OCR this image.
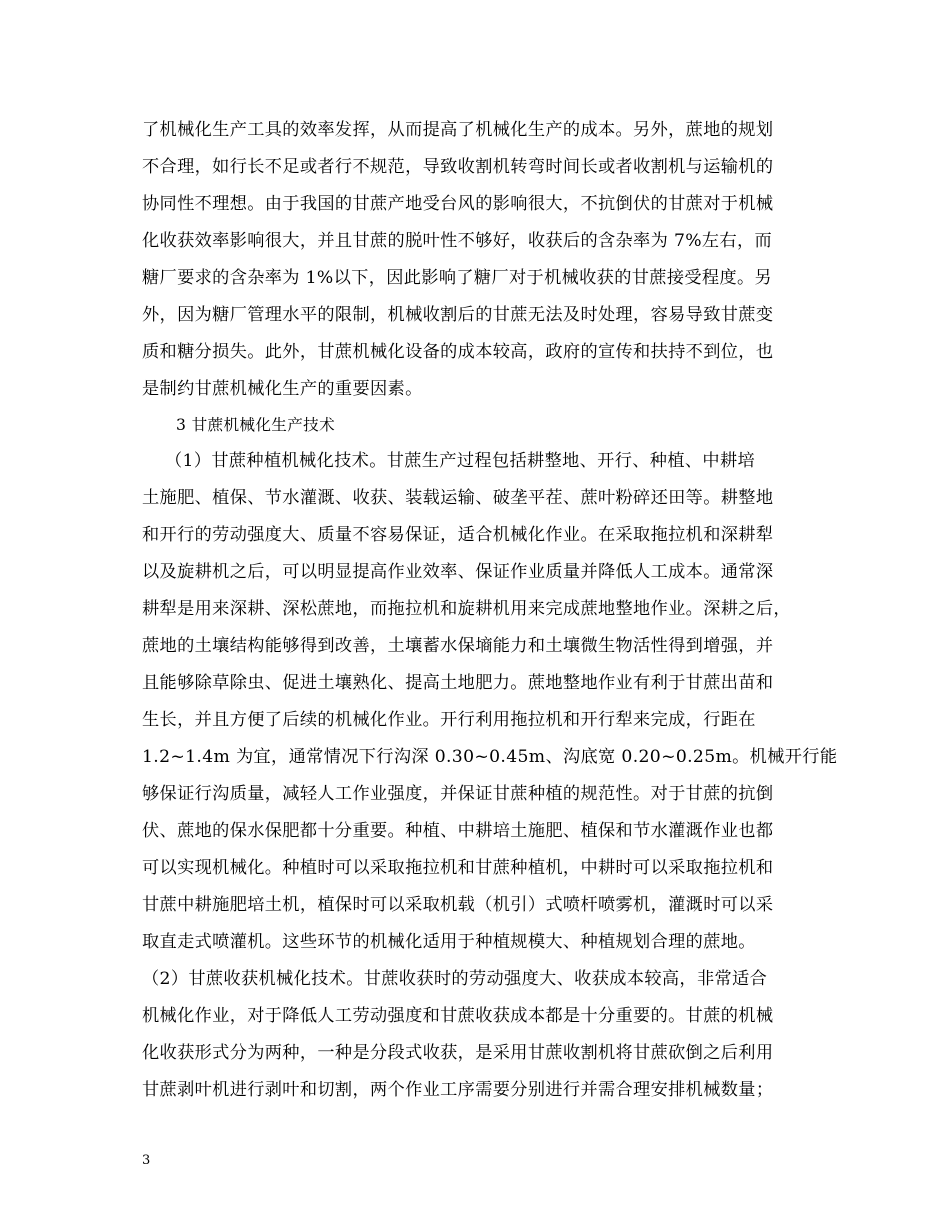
了机械化生产工具的效率发挥，从而提高了机械化生产的成本。另外，蔗地的规划
不合理，如行长不足或者行不规范，导致收割机转弯时间长或者收割机与运输机的
协同性不理想。由于我国的甘蔗产地受台风的影响很大，不抗倒伏的甘蔗对于机械
化收获效率影响很大，并且甘蔗的脱叶性不够好，收获后的含杂率为 7%左右，而
糖厂要求的含杂率为 1%以下，因此影响了糖厂对于机械收获的甘蔗接受程度。另
外，因为糖厂管理水平的限制，机械收割后的甘蔗无法及时处理，容易导致甘蔗变
质和糖分损失。此外，甘蔗机械化设备的成本较高，政府的宣传和扶持不到位，也
是制约甘蔗机械化生产的重要因素。
3 甘蔗机械化生产技术
（1）甘蔗种植机械化技术。甘蔗生产过程包括耕整地、开行、种植、中耕培
土施肥、植保、节水灌溉、收获、装载运输、破垄平茬、蔗叶粉碎还田等。耕整地
和开行的劳动强度大、质量不容易保证，适合机械化作业。在采取拖拉机和深耕犁
以及旋耕机之后，可以明显提高作业效率、保证作业质量并降低人工成本。通常深
耕犁是用来深耕、深松蔗地，而拖拉机和旋耕机用来完成蔗地整地作业。深耕之后，
蔗地的土壤结构能够得到改善，土壤蓄水保墒能力和土壤微生物活性得到增强，并
且能够除草除虫、促进土壤熟化、提高土地肥力。蔗地整地作业有利于甘蔗出苗和
生长，并且方便了后续的机械化作业。开行利用拖拉机和开行犁来完成，行距在
1.2~1.4m 为宜，通常情况下行沟深 0.30~0.45m、沟底宽 0.20~0.25m。机械开行能
够保证行沟质量，减轻人工作业强度，并保证甘蔗种植的规范性。对于甘蔗的抗倒
伏、蔗地的保水保肥都十分重要。种植、中耕培土施肥、植保和节水灌溉作业也都
可以实现机械化。种植时可以采取拖拉机和甘蔗种植机，中耕时可以采取拖拉机和
甘蔗中耕施肥培土机，植保时可以采取机载（机引）式喷杆喷雾机，灌溉时可以采
取直走式喷灌机。这些环节的机械化适用于种植规模大、种植规划合理的蔗地。
（2）甘蔗收获机械化技术。甘蔗收获时的劳动强度大、收获成本较高，非常适合
机械化作业，对于降低人工劳动强度和甘蔗收获成本都是十分重要的。甘蔗的机械
化收获形式分为两种，一种是分段式收获，是采用甘蔗收割机将甘蔗砍倒之后利用
甘蔗剥叶机进行剥叶和切割，两个作业工序需要分别进行并需合理安排机械数量；
3
